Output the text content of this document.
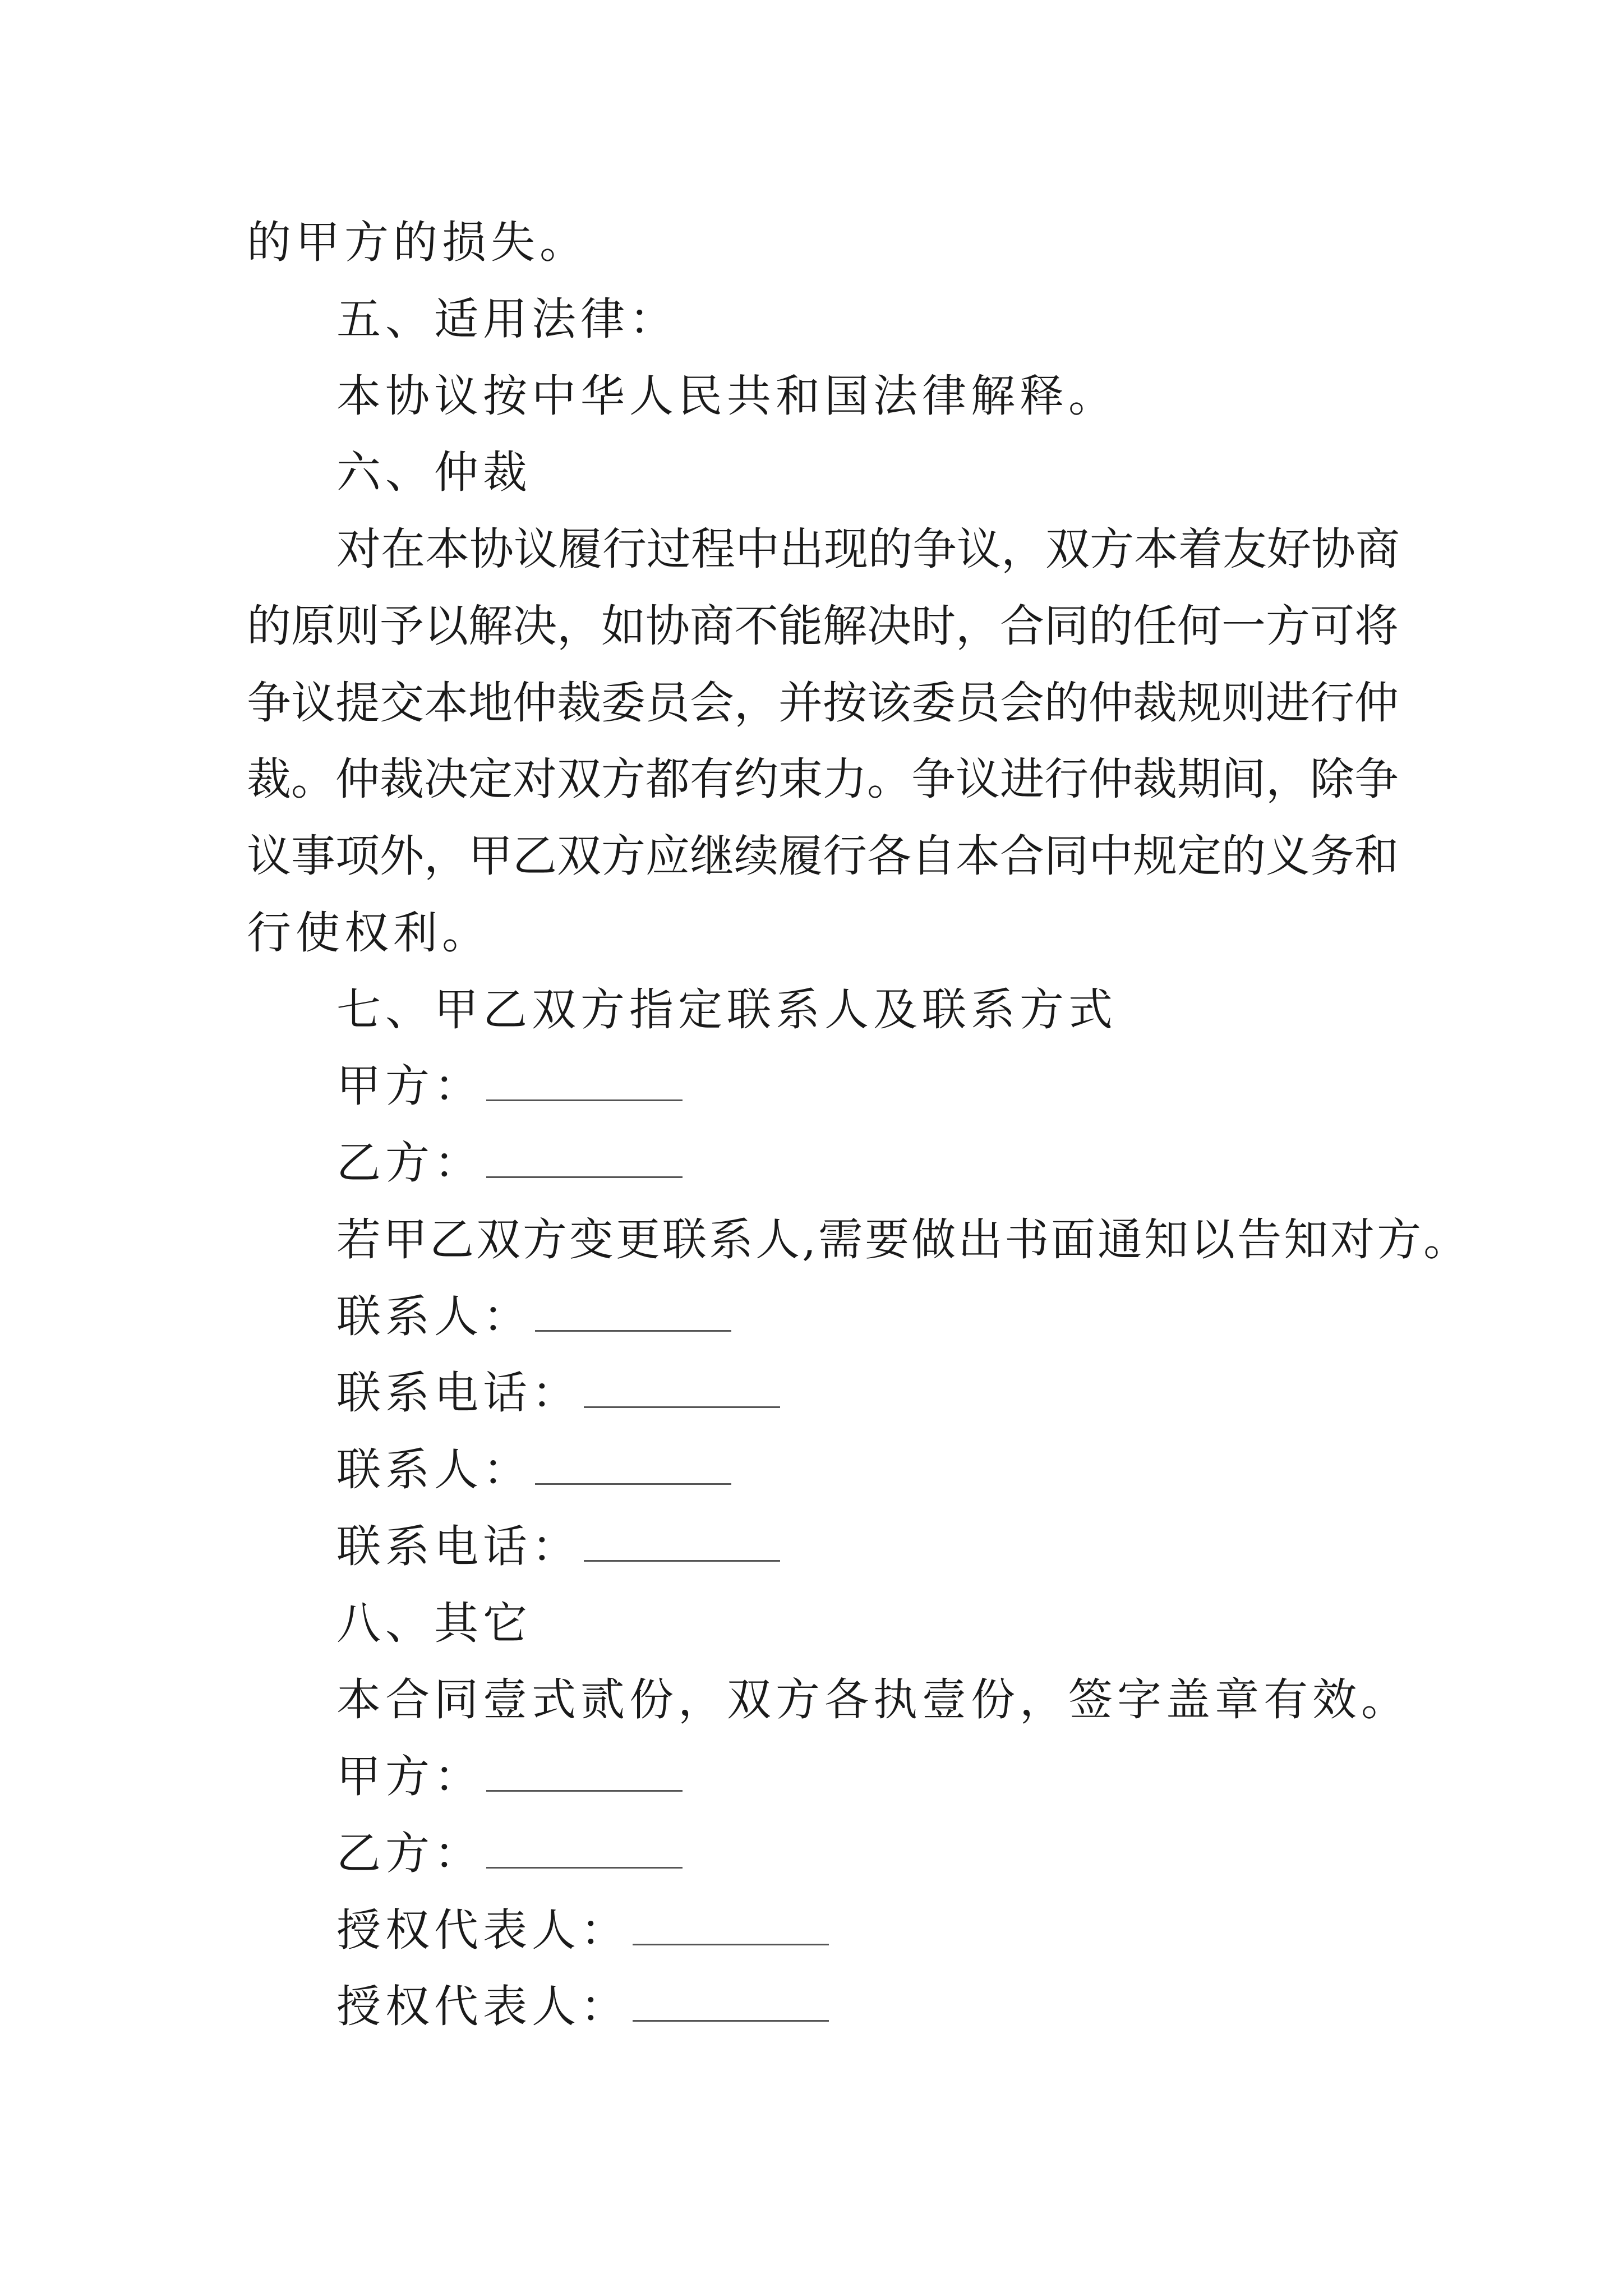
的甲方的损失。
五、适用法律：
本协议按中华人民共和国法律解释。
六、仲裁
对在本协议履行过程中出现的争议，双方本着友好协商
的原则予以解决，如协商不能解决时，合同的任何一方可将
争议提交本地仲裁委员会，并按该委员会的仲裁规则进行仲
裁。仲裁决定对双方都有约束力。争议进行仲裁期间，除争
议事项外，甲乙双方应继续履行各自本合同中规定的义务和
行使权利。
七、甲乙双方指定联系人及联系方式
甲方：
乙方：
若甲乙双方变更联系人,需要做出书面通知以告知对方。
联系人：
联系电话：
联系人：
联系电话：
八、其它
本合同壹式贰份，双方各执壹份，签字盖章有效。
甲方：
乙方：
授权代表人：
授权代表人：
